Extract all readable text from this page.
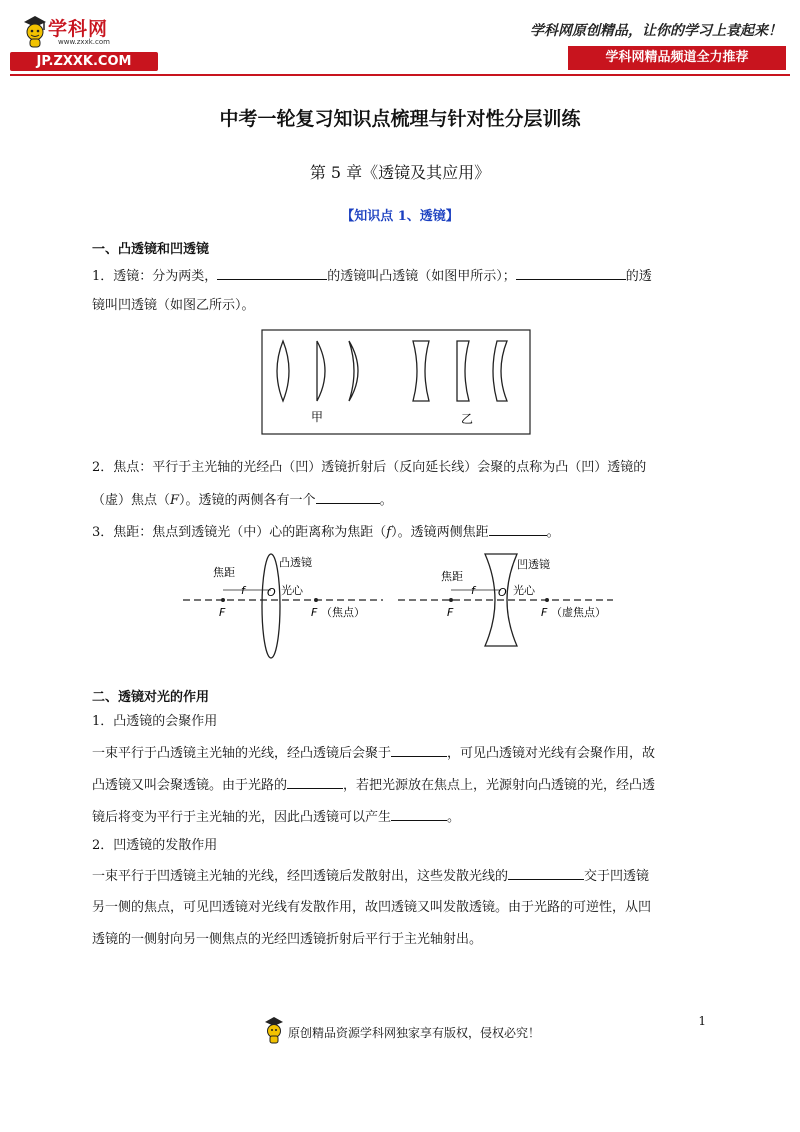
学科网
www.zxxk.com
JP.ZXXK.COM
学科网原创精品，让你的学习上袁起来！
学科网精品频道全力推荐
中考一轮复习知识点梳理与针对性分层训练
第 5 章《透镜及其应用》
【知识点 1、透镜】
一、凸透镜和凹透镜
1．透镜：分为两类，	的透镜叫凸透镜（如图甲所示）；	的透
镜叫凹透镜（如图乙所示）。
甲	乙
2．焦点：平行于主光轴的光经凸（凹）透镜折射后（反向延长线）会聚的点称为凸（凹）透镜的
（虚）焦点（F）。透镜的两侧各有一个	。
3．焦距：焦点到透镜光（中）心的距离称为焦距（f）。透镜两侧焦距	。
焦距
f O
凸透镜
光心
F	F （焦点）
焦距
f O
凹透镜
光心
F	F （虚焦点）
二、透镜对光的作用
1．凸透镜的会聚作用
一束平行于凸透镜主光轴的光线，经凸透镜后会聚于	，可见凸透镜对光线有会聚作用，故
凸透镜又叫会聚透镜。由于光路的	，若把光源放在焦点上，光源射向凸透镜的光，经凸透
镜后将变为平行于主光轴的光，因此凸透镜可以产生	。
2．凹透镜的发散作用
一束平行于凹透镜主光轴的光线，经凹透镜后发散射出，这些发散光线的	交于凹透镜
另一侧的焦点，可见凹透镜对光线有发散作用，故凹透镜又叫发散透镜。由于光路的可逆性，从凹
透镜的一侧射向另一侧焦点的光经凹透镜折射后平行于主光轴射出。
1
原创精品资源学科网独家享有版权，侵权必究！
